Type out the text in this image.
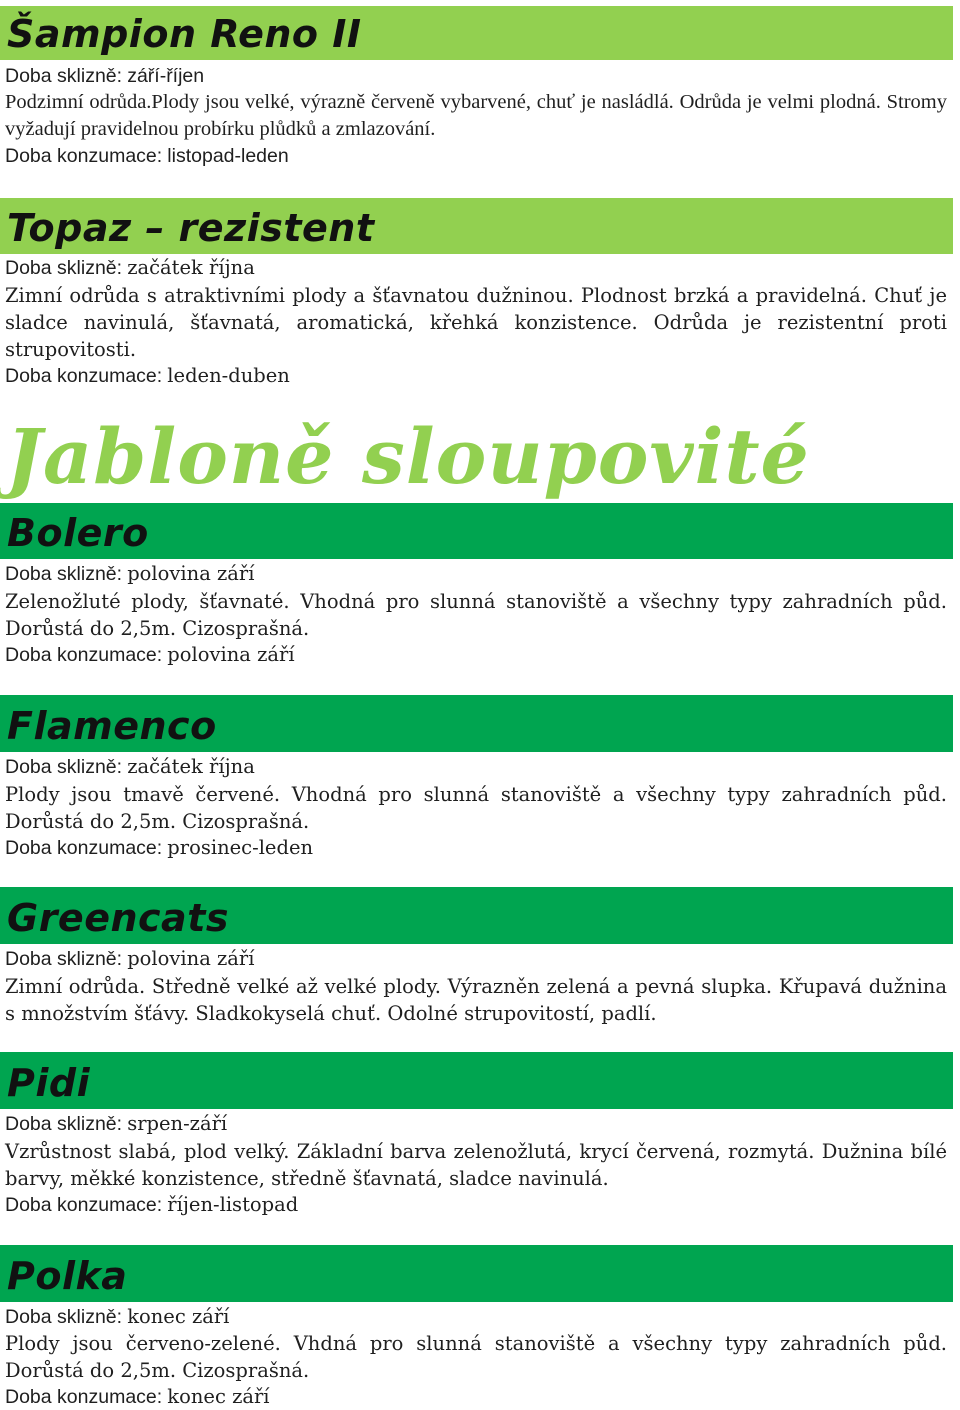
Šampion Reno II
Doba sklizně: září-říjen
Podzimní odrůda.Plody jsou velké, výrazně červeně vybarvené, chuť je nasládlá. Odrůda je velmi plodná. Stromy vyžadují pravidelnou probírku plůdků a zmlazování.
Doba konzumace: listopad-leden
Topaz – rezistent
Doba sklizně: začátek října
Zimní odrůda s atraktivními plody a šťavnatou dužninou. Plodnost brzká a pravidelná. Chuť je sladce navinulá, šťavnatá, aromatická, křehká konzistence. Odrůda je rezistentní proti strupovitosti.
Doba konzumace: leden-duben
Jabloně sloupovité
Bolero
Doba sklizně: polovina září
Zelenožluté plody, šťavnaté. Vhodná pro slunná stanoviště a všechny typy zahradních půd. Dorůstá do 2,5m. Cizosprašná.
Doba konzumace: polovina září
Flamenco
Doba sklizně: začátek října
Plody jsou tmavě červené. Vhodná pro slunná stanoviště a všechny typy zahradních půd. Dorůstá do 2,5m. Cizosprašná.
Doba konzumace: prosinec-leden
Greencats
Doba sklizně: polovina září
Zimní odrůda. Středně velké až velké plody. Výrazněn zelená a pevná slupka. Křupavá dužnina s množstvím šťávy. Sladkokyselá chuť. Odolné strupovitostí, padlí.
Pidi
Doba sklizně: srpen-září
Vzrůstnost slabá, plod velký. Základní barva zelenožlutá, krycí červená, rozmytá. Dužnina bílé barvy, měkké konzistence, středně šťavnatá, sladce navinulá.
Doba konzumace: říjen-listopad
Polka
Doba sklizně: konec září
Plody jsou červeno-zelené. Vhdná pro slunná stanoviště a všechny typy zahradních půd. Dorůstá do 2,5m. Cizosprašná.
Doba konzumace: konec září
